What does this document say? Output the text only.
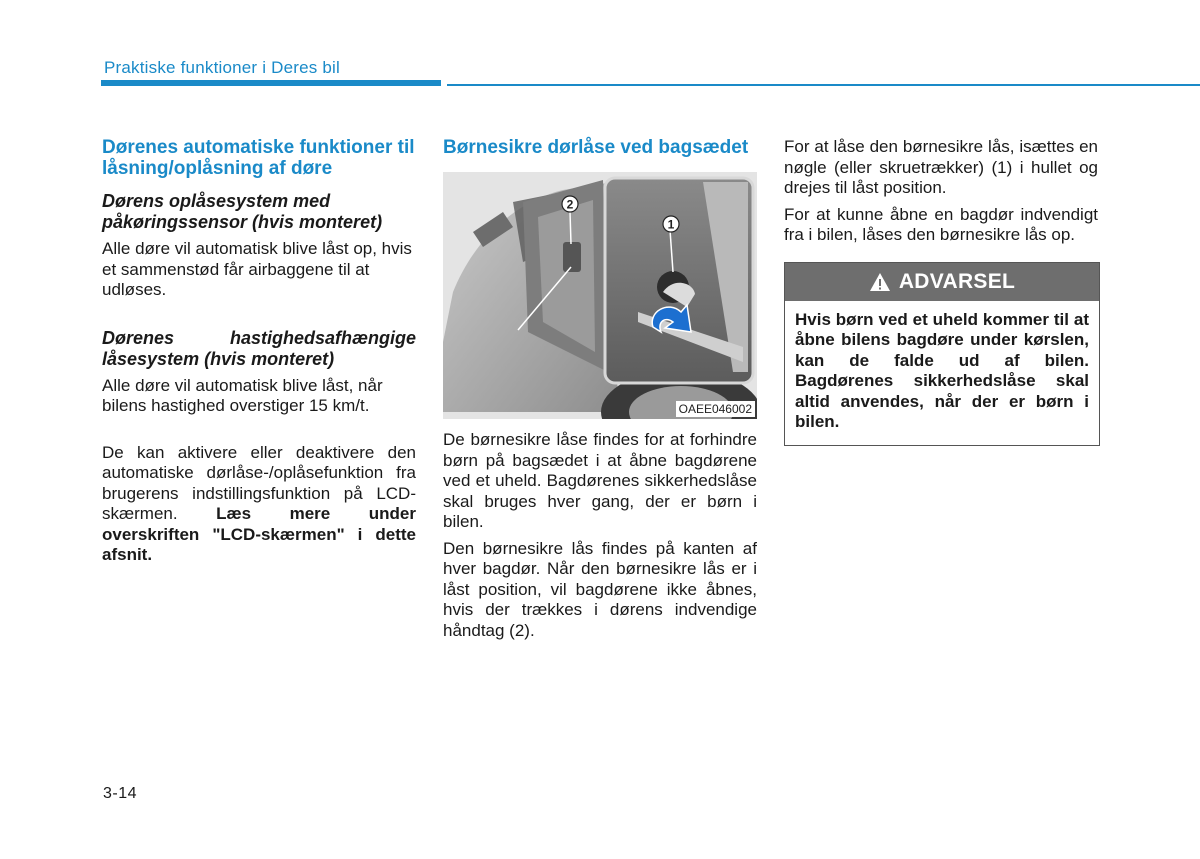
Praktiske funktioner i Deres bil
Dørenes automatiske funktioner til låsning/oplåsning af døre
Dørens oplåsesystem med påkøringssensor (hvis monteret)

Alle døre vil automatisk blive låst op, hvis et sammenstød får airbaggene til at udløses.

Dørenes hastighedsafhængige låsesystem (hvis monteret)

Alle døre vil automatisk blive låst, når bilens hastighed overstiger 15 km/t.

De kan aktivere eller deaktivere den automatiske dørlåse-/oplåsefunktion fra brugerens indstillingsfunktion på LCD-skærmen. Læs mere under overskriften "LCD-skærmen" i dette afsnit.

Børnesikre dørlåse ved bagsædet
1
2
OAEE046002

De børnesikre låse findes for at forhindre børn på bagsædet i at åbne bagdørene ved et uheld. Bagdørenes sikkerhedslåse skal bruges hver gang, der er børn i bilen.

Den børnesikre lås findes på kanten af hver bagdør. Når den børnesikre lås er i låst position, vil bagdørene ikke åbnes, hvis der trækkes i dørens indvendige håndtag (2).

For at låse den børnesikre lås, isættes en nøgle (eller skruetrækker) (1) i hullet og drejes til låst position.

For at kunne åbne en bagdør indvendigt fra i bilen, låses den børnesikre lås op.

ADVARSEL
Hvis børn ved et uheld kommer til at åbne bilens bagdøre under kørslen, kan de falde ud af bilen. Bagdørenes sikkerhedslåse skal altid anvendes, når der er børn i bilen.
3-14
